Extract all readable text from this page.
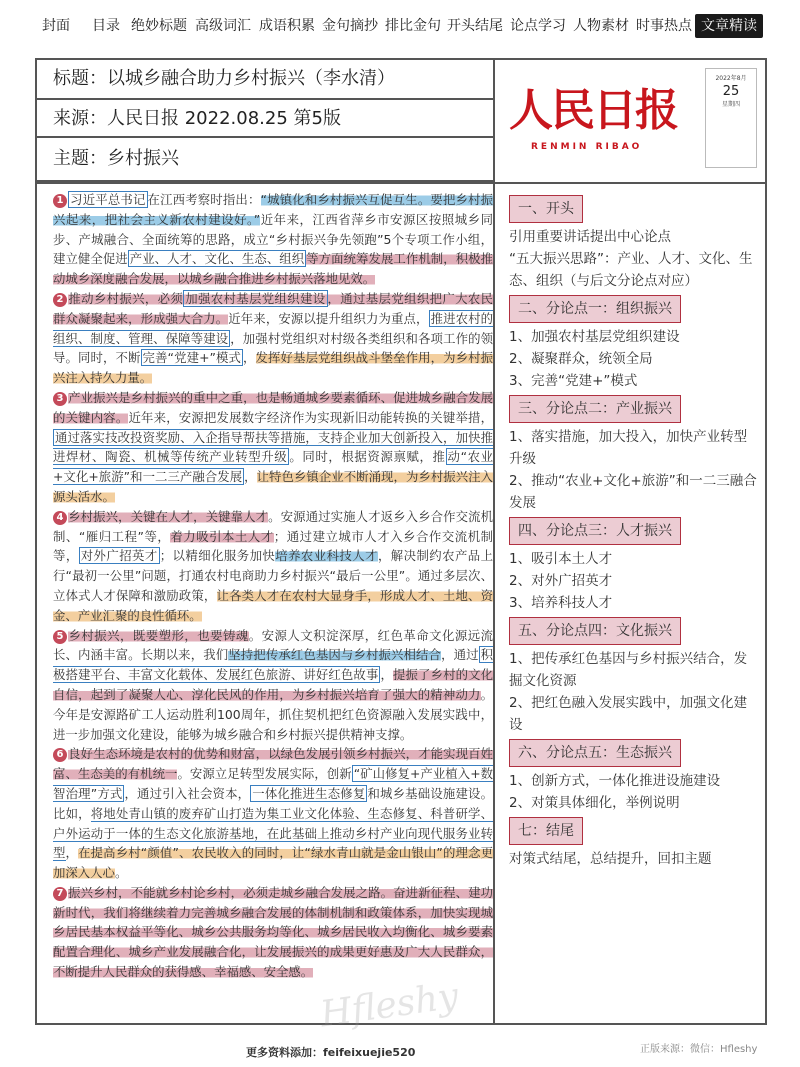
封面 目录 绝妙标题 高级词汇 成语积累 金句摘抄 排比金句 开头结尾 论点学习 人物素材 时事热点 文章精读
标题：以城乡融合助力乡村振兴（李水清）
来源：人民日报 2022.08.25 第5版
主题：乡村振兴
人民日报
RENMIN RIBAO
2022年8月
25
星期四

1 习近平总书记 在江西考察时指出：“城镇化和乡村振兴互促互生。要把乡村振兴起来，把社会主义新农村建设好。”近年来，江西省萍乡市安源区按照城乡同步、产城融合、全面统筹的思路，成立“乡村振兴争先领跑”5个专项工作小组，建立健全促进 产业、人才、文化、生态、组织 等方面统筹发展工作机制，积极推动城乡深度融合发展，以城乡融合推进乡村振兴落地见效。

2 推动乡村振兴，必须 加强农村基层党组织建设 ，通过基层党组织把广大农民群众凝聚起来，形成强大合力。近年来，安源以提升组织力为重点， 推进农村的组织、制度、管理、保障等建设 ，加强村党组织对村级各类组织和各项工作的领导。同时，不断 完善“党建+”模式 ，发挥好基层党组织战斗堡垒作用，为乡村振兴注入持久力量。

3 产业振兴是乡村振兴的重中之重，也是畅通城乡要素循环、促进城乡融合发展的关键内容。近年来，安源把发展数字经济作为实现新旧动能转换的关键举措，通过落实技改投资奖励、入企指导帮扶等措施，支持企业加大创新投入，加快推进焊材、陶瓷、机械等传统产业转型升级 。同时，根据资源禀赋，推 动“农业+文化+旅游”和一二三产融合发展 ，让特色乡镇企业不断涌现，为乡村振兴注入源头活水。

4 乡村振兴，关键在人才，关键靠人才。安源通过实施人才返乡入乡合作交流机制、“雁归工程”等，着力吸引本土人才；通过建立城市人才入乡合作交流机制等， 对外广招英才 ；以精细化服务加快培养农业科技人才，解决制约农产品上行“最初一公里”问题，打通农村电商助力乡村振兴“最后一公里”。通过多层次、立体式人才保障和激励政策，让各类人才在农村大显身手，形成人才、土地、资金、产业汇聚的良性循环。

5 乡村振兴，既要塑形，也要铸魂。安源人文积淀深厚，红色革命文化源远流长、内涵丰富。长期以来，我们坚持把传承红色基因与乡村振兴相结合，通过 积极搭建平台、丰富文化载体、发展红色旅游、讲好红色故事 ，提振了乡村的文化自信，起到了凝聚人心、淳化民风的作用，为乡村振兴培育了强大的精神动力。今年是安源路矿工人运动胜利100周年，抓住契机把红色资源融入发展实践中，进一步加强文化建设，能够为城乡融合和乡村振兴提供精神支撑。

6 良好生态环境是农村的优势和财富，以绿色发展引领乡村振兴，才能实现百姓富、生态美的有机统一。安源立足转型发展实际，创新 “矿山修复+产业植入+数智治理”方式 ，通过引入社会资本， 一体化推进生态修复 和城乡基础设施建设。比如，将地处青山镇的废弃矿山打造为集工业文化体验、生态修复、科普研学、户外运动于一体的生态文化旅游基地，在此基础上推动乡村产业向现代服务业转型，在提高乡村“颜值”、农民收入的同时，让“绿水青山就是金山银山”的理念更加深入人心。

7 振兴乡村，不能就乡村论乡村，必须走城乡融合发展之路。奋进新征程、建功新时代，我们将继续着力完善城乡融合发展的体制机制和政策体系，加快实现城乡居民基本权益平等化、城乡公共服务均等化、城乡居民收入均衡化、城乡要素配置合理化、城乡产业发展融合化，让发展振兴的成果更好惠及广大人民群众，不断提升人民群众的获得感、幸福感、安全感。

一、开头
引用重要讲话提出中心论点
“五大振兴思路”：产业、人才、文化、生态、组织（与后文分论点对应）
二、分论点一：组织振兴
1、加强农村基层党组织建设
2、凝聚群众，统领全局
3、完善“党建+”模式
三、分论点二：产业振兴
1、落实措施，加大投入，加快产业转型升级
2、推动“农业+文化+旅游”和一二三融合发展
四、分论点三：人才振兴
1、吸引本土人才
2、对外广招英才
3、培养科技人才
五、分论点四：文化振兴
1、把传承红色基因与乡村振兴结合，发掘文化资源
2、把红色融入发展实践中，加强文化建设
六、分论点五：生态振兴
1、创新方式，一体化推进设施建设
2、对策具体细化，举例说明
七：结尾
对策式结尾，总结提升，回扣主题
Hfleshy
更多资料添加：feifeixuejie520	正版来源：微信：Hfleshy
